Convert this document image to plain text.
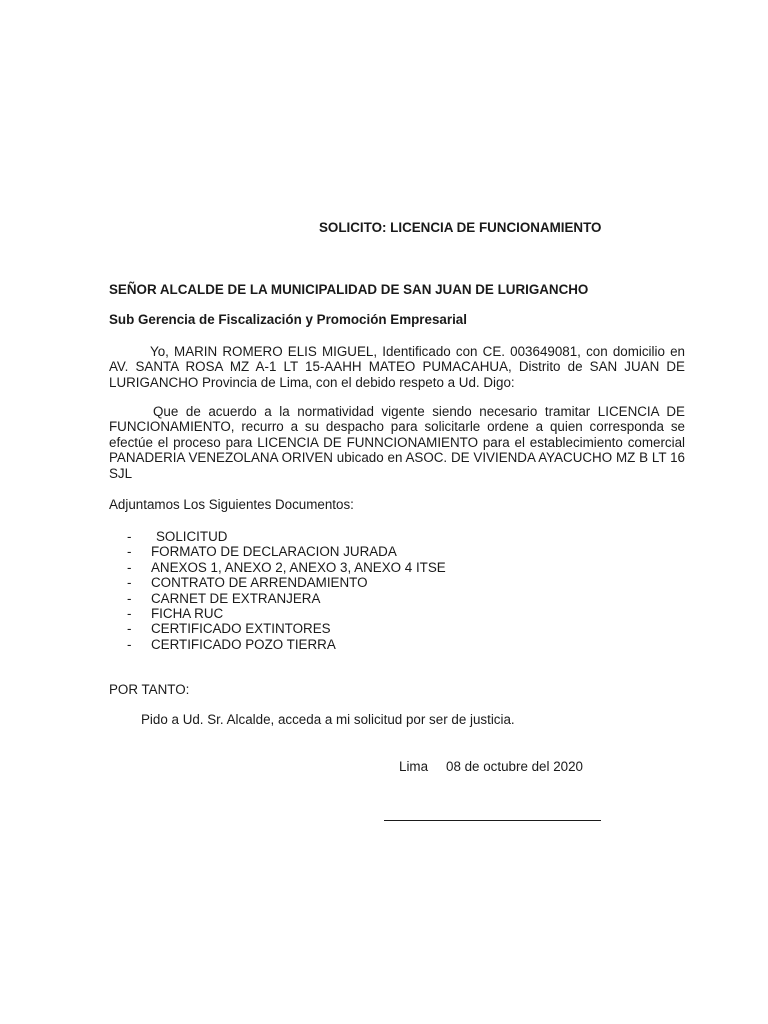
SOLICITO: LICENCIA DE FUNCIONAMIENTO

SEÑOR ALCALDE DE LA MUNICIPALIDAD DE SAN JUAN DE LURIGANCHO

Sub Gerencia de Fiscalización y Promoción Empresarial

Yo, MARIN ROMERO ELIS MIGUEL, Identificado con CE. 003649081, con domicilio en AV. SANTA ROSA MZ A-1 LT 15-AAHH MATEO PUMACAHUA, Distrito de SAN JUAN DE LURIGANCHO Provincia de Lima, con el debido respeto a Ud. Digo:

Que de acuerdo a la normatividad vigente siendo necesario tramitar LICENCIA DE FUNCIONAMIENTO, recurro a su despacho para solicitarle ordene a quien corresponda se efectúe el proceso para LICENCIA DE FUNNCIONAMIENTO para el establecimiento comercial PANADERIA VENEZOLANA ORIVEN ubicado en ASOC. DE VIVIENDA AYACUCHO MZ B LT 16 SJL

Adjuntamos Los Siguientes Documentos:

- SOLICITUD
- FORMATO DE DECLARACION JURADA
- ANEXOS 1, ANEXO 2, ANEXO 3, ANEXO 4 ITSE
- CONTRATO DE ARRENDAMIENTO
- CARNET DE EXTRANJERA
- FICHA RUC
- CERTIFICADO EXTINTORES
- CERTIFICADO POZO TIERRA

POR TANTO:

Pido a Ud. Sr. Alcalde, acceda a mi solicitud por ser de justicia.

Lima 08 de octubre del 2020
